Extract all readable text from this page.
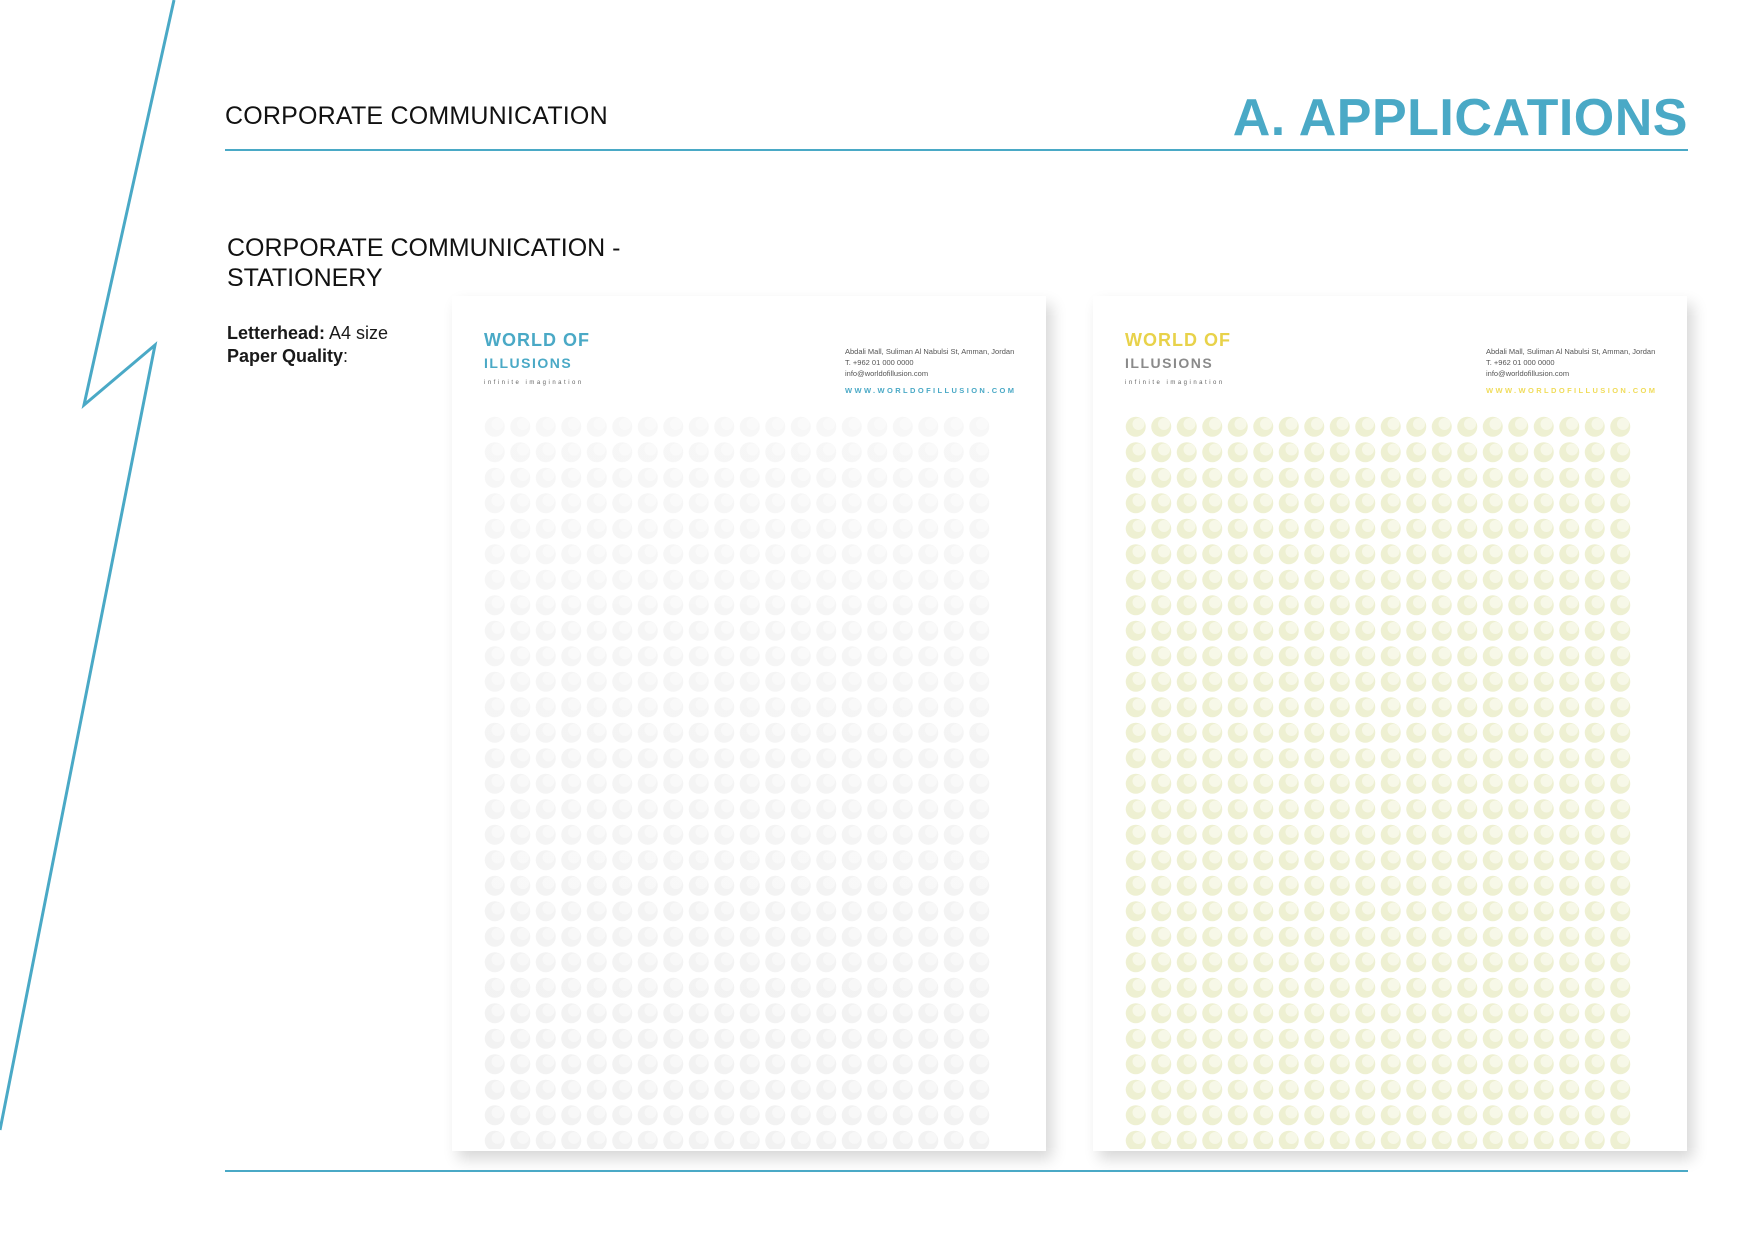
CORPORATE COMMUNICATION	A. APPLICATIONS
CORPORATE COMMUNICATION -
STATIONERY
Letterhead: A4 size
Paper Quality:
WORLD OF
ILLUSIONS
infinite imagination
Abdali Mall, Suliman Al Nabulsi St, Amman, Jordan
T. +962 01 000 0000
info@worldofillusion.com
WWW.WORLDOFILLUSION.COM
WORLD OF
ILLUSIONS
infinite imagination
Abdali Mall, Suliman Al Nabulsi St, Amman, Jordan
T. +962 01 000 0000
info@worldofillusion.com
WWW.WORLDOFILLUSION.COM
